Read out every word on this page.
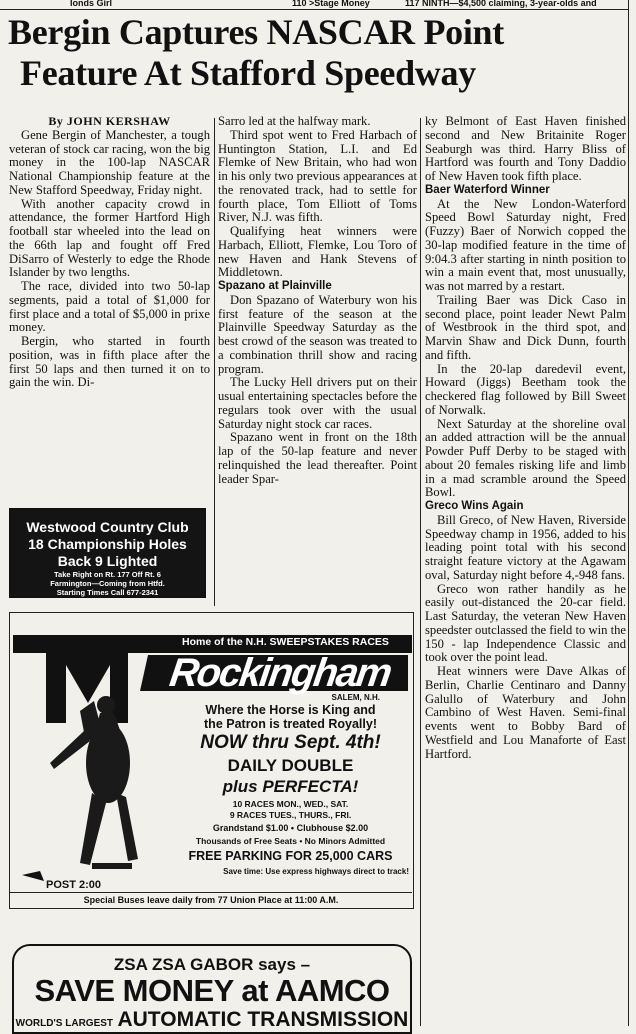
Ionds Girl	110 >Stage Money	117 NINTH—$4,500 claiming, 3-year-olds and
Bergin Captures NASCAR Point
Feature At Stafford Speedway

By JOHN KERSHAW

Gene Bergin of Manchester, a tough veteran of stock car racing, won the big money in the 100-lap NASCAR National Championship feature at the New Stafford Speedway, Friday night.

With another capacity crowd in attendance, the former Hartford High football star wheeled into the lead on the 66th lap and fought off Fred DiSarro of Westerly to edge the Rhode Islander by two lengths.

The race, divided into two 50-lap segments, paid a total of $1,000 for first place and a total of $5,000 in prixe money.

Bergin, who started in fourth position, was in fifth place after the first 50 laps and then turned it on to gain the win. Di-

Westwood Country Club
18 Championship Holes
Back 9 Lighted
Take Right on Rt. 177 Off Rt. 6
Farmington—Coming from Htfd.
Starting Times Call 677-2341

Sarro led at the halfway mark.

Third spot went to Fred Harbach of Huntington Station, L.I. and Ed Flemke of New Britain, who had won in his only two previous appearances at the renovated track, had to settle for fourth place, Tom Elliott of Toms River, N.J. was fifth.

Qualifying heat winners were Harbach, Elliott, Flemke, Lou Toro of new Haven and Hank Stevens of Middletown.

Spazano at Plainville

Don Spazano of Waterbury won his first feature of the season at the Plainville Speedway Saturday as the best crowd of the season was treated to a combination thrill show and racing program.

The Lucky Hell drivers put on their usual entertaining spectacles before the regulars took over with the usual Saturday night stock car races.

Spazano went in front on the 18th lap of the 50-lap feature and never relinquished the lead thereafter. Point leader Spar-

ky Belmont of East Haven finished second and New Britainite Roger Seaburgh was third. Harry Bliss of Hartford was fourth and Tony Daddio of New Haven took fifth place.

Baer Waterford Winner

At the New London-Waterford Speed Bowl Saturday night, Fred (Fuzzy) Baer of Norwich copped the 30-lap modified feature in the time of 9:04.3 after starting in ninth position to win a main event that, most unusually, was not marred by a restart.

Trailing Baer was Dick Caso in second place, point leader Newt Palm of Westbrook in the third spot, and Marvin Shaw and Dick Dunn, fourth and fifth.

In the 20-lap daredevil event, Howard (Jiggs) Beetham took the checkered flag followed by Bill Sweet of Norwalk.

Next Saturday at the shoreline oval an added attraction will be the annual Powder Puff Derby to be staged with about 20 females risking life and limb in a mad scramble around the Speed Bowl.

Greco Wins Again

Bill Greco, of New Haven, Riverside Speedway champ in 1956, added to his leading point total with his second straight feature victory at the Agawam oval, Saturday night before 4,-948 fans.

Greco won rather handily as he easily out-distanced the 20-car field. Last Saturday, the veteran New Haven speedster outclassed the field to win the 150 - lap Independence Classic and took over the point lead.

Heat winners were Dave Alkas of Berlin, Charlie Centinaro and Danny Galullo of Waterbury and John Cambino of West Haven. Semi-final events went to Bobby Bard of Westfield and Lou Manaforte of East Hartford.

Home of the N.H. SWEEPSTAKES RACES
Rockingham
SALEM, N.H.
Where the Horse is King and
the Patron is treated Royally!
NOW thru Sept. 4th!
DAILY DOUBLE
plus PERFECTA!
10 RACES MON., WED., SAT.
9 RACES TUES., THURS., FRI.
Grandstand $1.00 • Clubhouse $2.00
Thousands of Free Seats • No Minors Admitted
FREE PARKING FOR 25,000 CARS
POST 2:00
Save time: Use express highways direct to track!
Special Buses leave daily from 77 Union Place at 11:00 A.M.
ZSA ZSA GABOR says –
SAVE MONEY at AAMCO
WORLD'S LARGEST AUTOMATIC TRANSMISSION
